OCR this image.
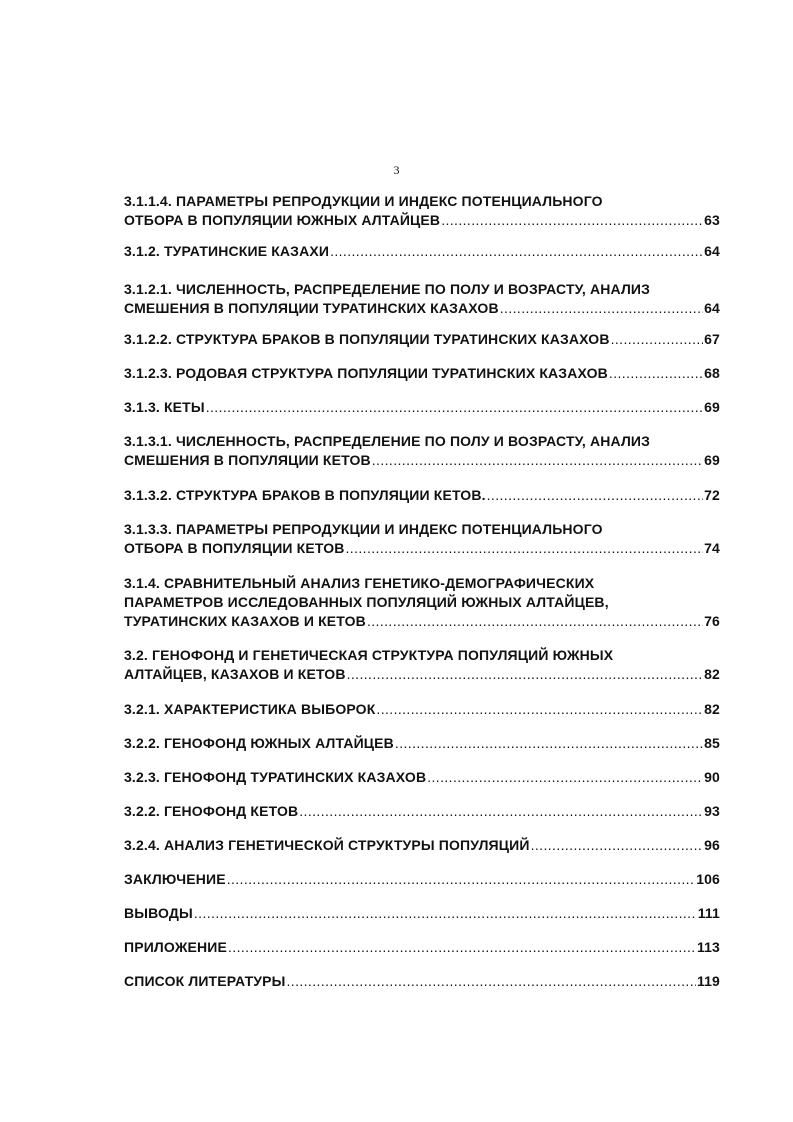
3
3.1.1.4. ПАРАМЕТРЫ РЕПРОДУКЦИИ И ИНДЕКС ПОТЕНЦИАЛЬНОГО
ОТБОРА В ПОПУЛЯЦИИ ЮЖНЫХ АЛТАЙЦЕВ .....	63
3.1.2. ТУРАТИНСКИЕ КАЗАХИ .....	64
3.1.2.1. ЧИСЛЕННОСТЬ, РАСПРЕДЕЛЕНИЕ ПО ПОЛУ И ВОЗРАСТУ, АНАЛИЗ
СМЕШЕНИЯ В ПОПУЛЯЦИИ ТУРАТИНСКИХ КАЗАХОВ .....	64
3.1.2.2. СТРУКТУРА БРАКОВ В ПОПУЛЯЦИИ ТУРАТИНСКИХ КАЗАХОВ .....	67
3.1.2.3. РОДОВАЯ СТРУКТУРА ПОПУЛЯЦИИ ТУРАТИНСКИХ КАЗАХОВ .....	68
3.1.3. КЕТЫ .....	69
3.1.3.1. ЧИСЛЕННОСТЬ, РАСПРЕДЕЛЕНИЕ ПО ПОЛУ И ВОЗРАСТУ, АНАЛИЗ
СМЕШЕНИЯ В ПОПУЛЯЦИИ КЕТОВ .....	69
3.1.3.2. СТРУКТУРА БРАКОВ В ПОПУЛЯЦИИ КЕТОВ. .....	72
3.1.3.3. ПАРАМЕТРЫ РЕПРОДУКЦИИ И ИНДЕКС ПОТЕНЦИАЛЬНОГО
ОТБОРА В ПОПУЛЯЦИИ КЕТОВ .....	74
3.1.4. СРАВНИТЕЛЬНЫЙ АНАЛИЗ ГЕНЕТИКО-ДЕМОГРАФИЧЕСКИХ
ПАРАМЕТРОВ ИССЛЕДОВАННЫХ ПОПУЛЯЦИЙ ЮЖНЫХ АЛТАЙЦЕВ,
ТУРАТИНСКИХ КАЗАХОВ И КЕТОВ .....	76
3.2. ГЕНОФОНД И ГЕНЕТИЧЕСКАЯ СТРУКТУРА ПОПУЛЯЦИЙ ЮЖНЫХ
АЛТАЙЦЕВ, КАЗАХОВ И КЕТОВ .....	82
3.2.1. ХАРАКТЕРИСТИКА ВЫБОРОК .....	82
3.2.2. ГЕНОФОНД ЮЖНЫХ АЛТАЙЦЕВ .....	85
3.2.3. ГЕНОФОНД ТУРАТИНСКИХ КАЗАХОВ .....	90
3.2.2. ГЕНОФОНД КЕТОВ .....	93
3.2.4. АНАЛИЗ ГЕНЕТИЧЕСКОЙ СТРУКТУРЫ ПОПУЛЯЦИЙ .....	96
ЗАКЛЮЧЕНИЕ .....	106
ВЫВОДЫ .....	111
ПРИЛОЖЕНИЕ .....	113
СПИСОК ЛИТЕРАТУРЫ .....	119
